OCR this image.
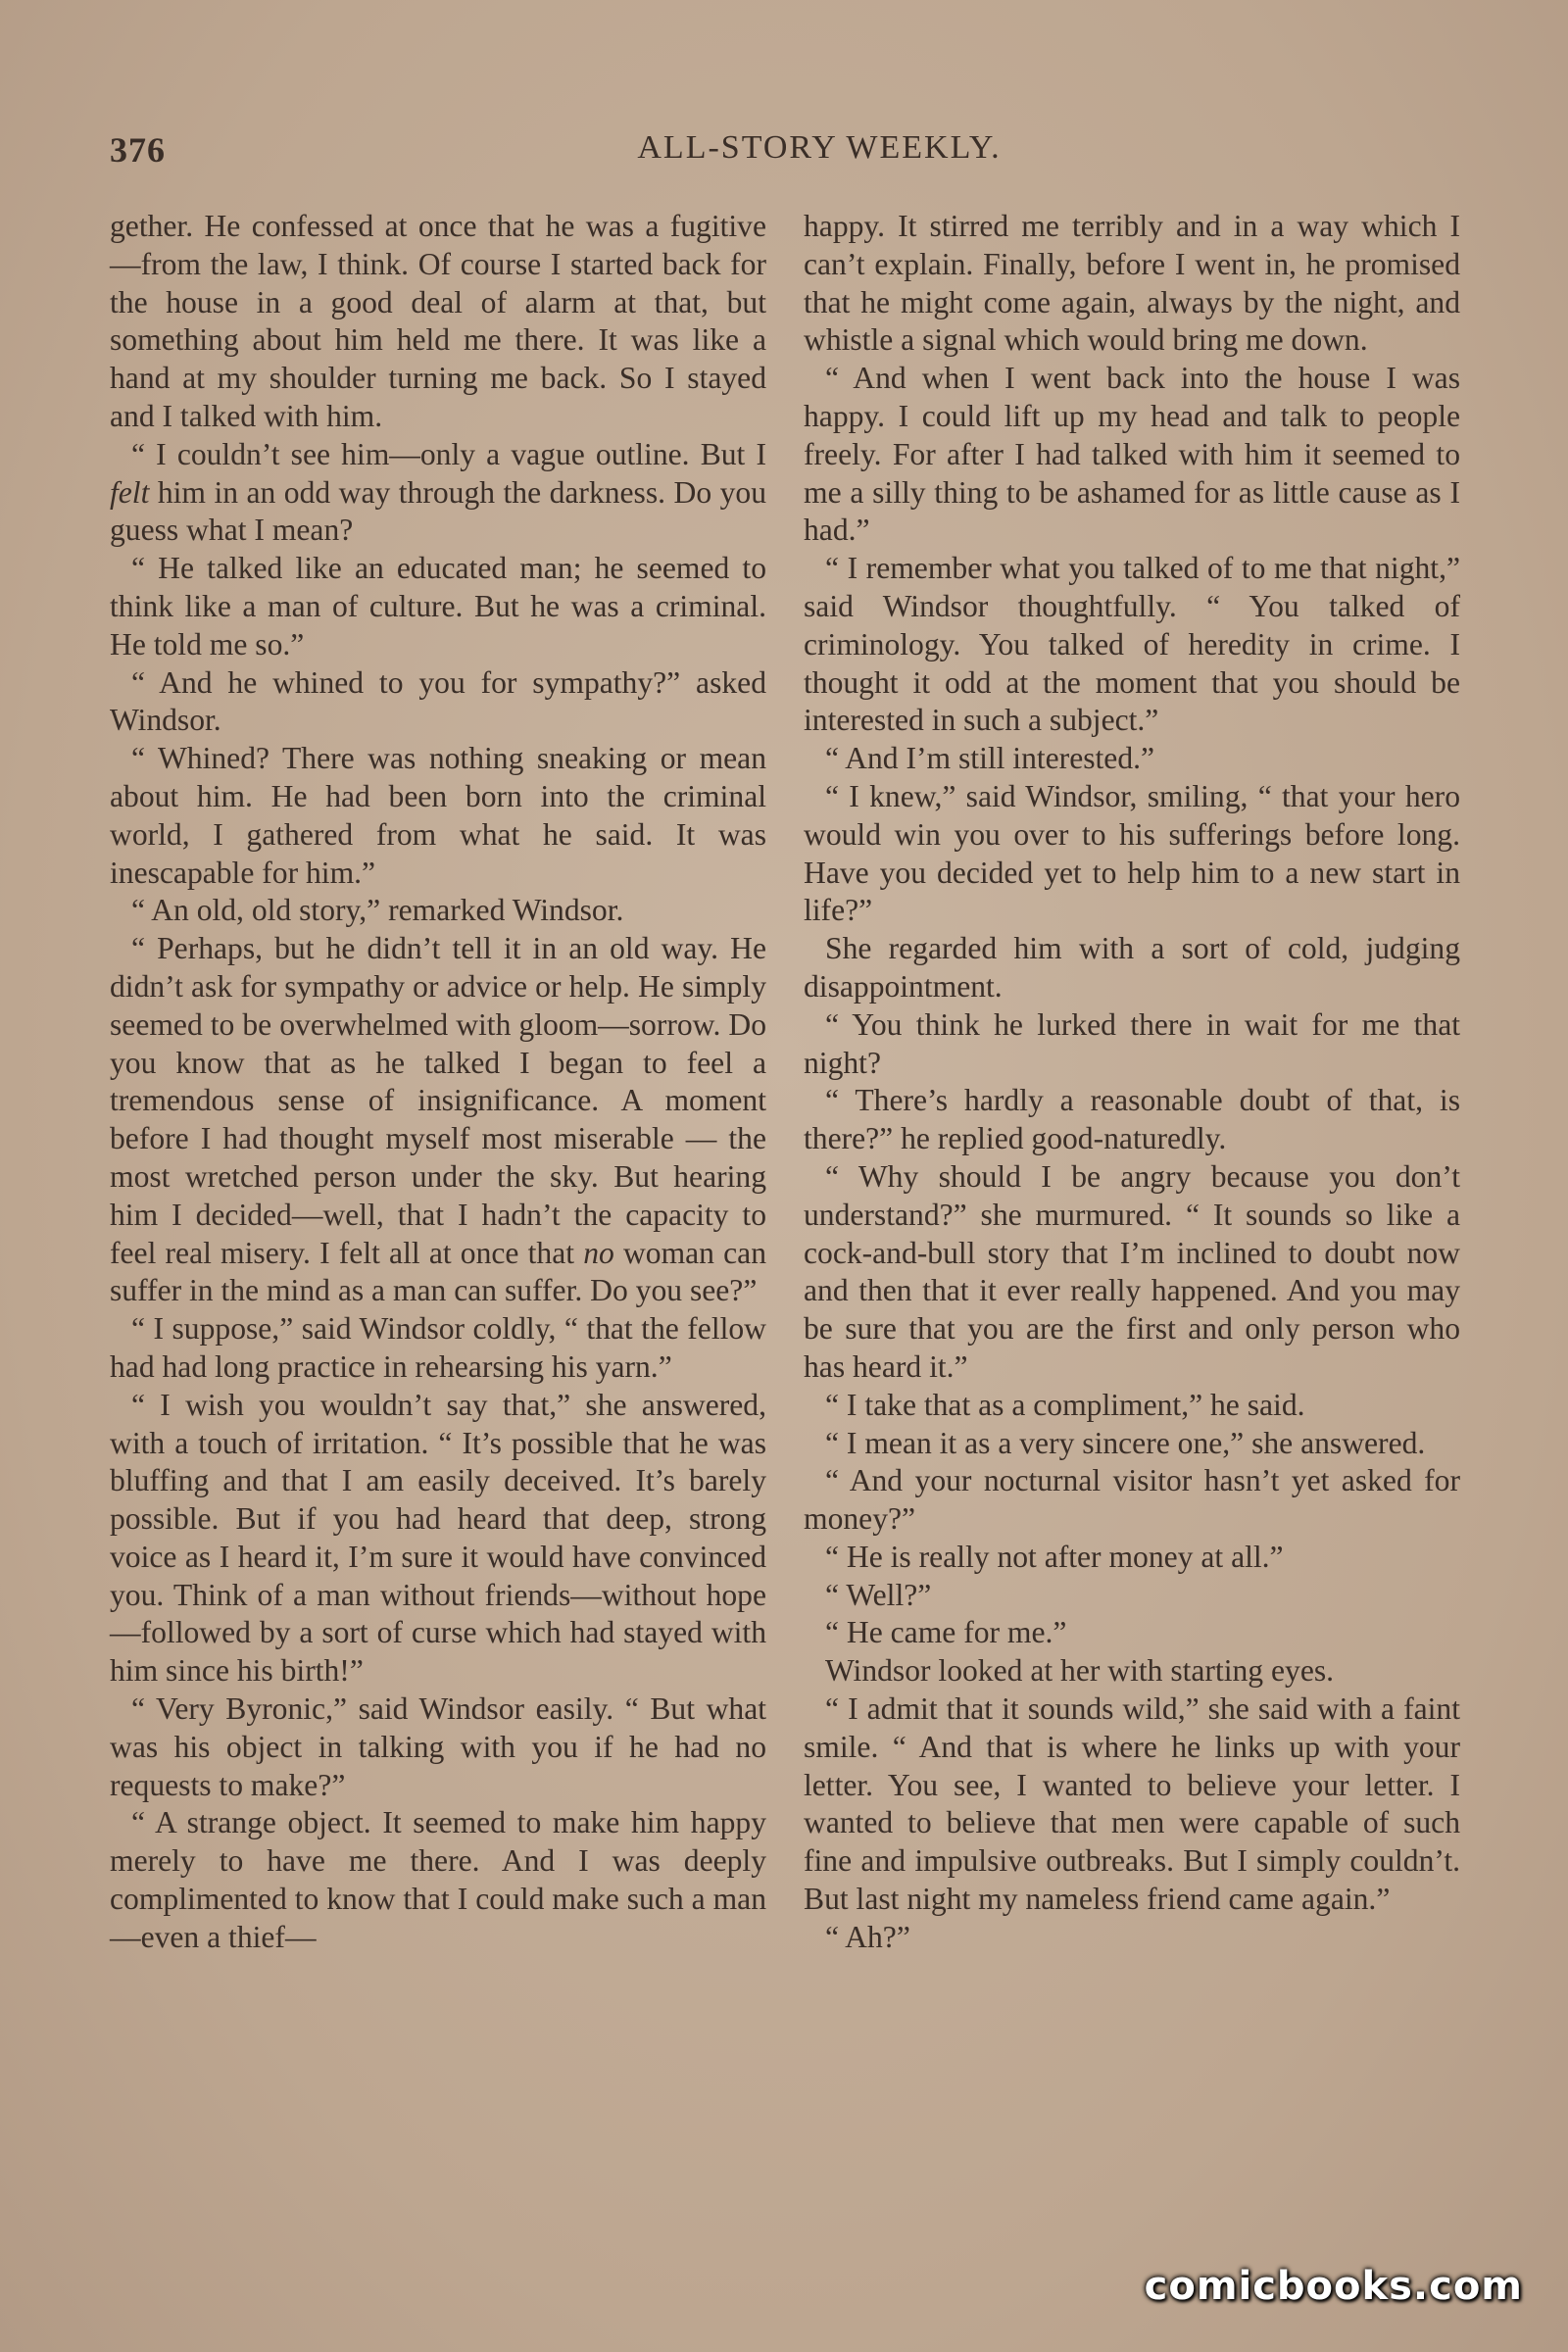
376	ALL-STORY WEEKLY.

gether. He confessed at once that he was a fugitive—from the law, I think. Of course I started back for the house in a good deal of alarm at that, but something about him held me there. It was like a hand at my shoulder turning me back. So I stayed and I talked with him.

“ I couldn’t see him—only a vague outline. But I felt him in an odd way through the darkness. Do you guess what I mean?

“ He talked like an educated man; he seemed to think like a man of culture. But he was a criminal. He told me so.”

“ And he whined to you for sympathy?” asked Windsor.

“ Whined? There was nothing sneaking or mean about him. He had been born into the criminal world, I gathered from what he said. It was inescapable for him.”

“ An old, old story,” remarked Windsor.

“ Perhaps, but he didn’t tell it in an old way. He didn’t ask for sympathy or advice or help. He simply seemed to be overwhelmed with gloom—sorrow. Do you know that as he talked I began to feel a tremendous sense of insignificance. A moment before I had thought myself most miserable — the most wretched person under the sky. But hearing him I decided—well, that I hadn’t the capacity to feel real misery. I felt all at once that no woman can suffer in the mind as a man can suffer. Do you see?”

“ I suppose,” said Windsor coldly, “ that the fellow had had long practice in rehearsing his yarn.”

“ I wish you wouldn’t say that,” she answered, with a touch of irritation. “ It’s possible that he was bluffing and that I am easily deceived. It’s barely possible. But if you had heard that deep, strong voice as I heard it, I’m sure it would have convinced you. Think of a man without friends—without hope—followed by a sort of curse which had stayed with him since his birth!”

“ Very Byronic,” said Windsor easily. “ But what was his object in talking with you if he had no requests to make?”

“ A strange object. It seemed to make him happy merely to have me there. And I was deeply complimented to know that I could make such a man—even a thief—

happy. It stirred me terribly and in a way which I can’t explain. Finally, before I went in, he promised that he might come again, always by the night, and whistle a signal which would bring me down.

“ And when I went back into the house I was happy. I could lift up my head and talk to people freely. For after I had talked with him it seemed to me a silly thing to be ashamed for as little cause as I had.”

“ I remember what you talked of to me that night,” said Windsor thoughtfully. “ You talked of criminology. You talked of heredity in crime. I thought it odd at the moment that you should be interested in such a subject.”

“ And I’m still interested.”

“ I knew,” said Windsor, smiling, “ that your hero would win you over to his sufferings before long. Have you decided yet to help him to a new start in life?”

She regarded him with a sort of cold, judging disappointment.

“ You think he lurked there in wait for me that night?

“ There’s hardly a reasonable doubt of that, is there?” he replied good-naturedly.

“ Why should I be angry because you don’t understand?” she murmured. “ It sounds so like a cock-and-bull story that I’m inclined to doubt now and then that it ever really happened. And you may be sure that you are the first and only person who has heard it.”

“ I take that as a compliment,” he said.

“ I mean it as a very sincere one,” she answered.

“ And your nocturnal visitor hasn’t yet asked for money?”

“ He is really not after money at all.”

“ Well?”

“ He came for me.”

Windsor looked at her with starting eyes.

“ I admit that it sounds wild,” she said with a faint smile. “ And that is where he links up with your letter. You see, I wanted to believe your letter. I wanted to believe that men were capable of such fine and impulsive outbreaks. But I simply couldn’t. But last night my nameless friend came again.”

“ Ah?”

comicbooks.com
